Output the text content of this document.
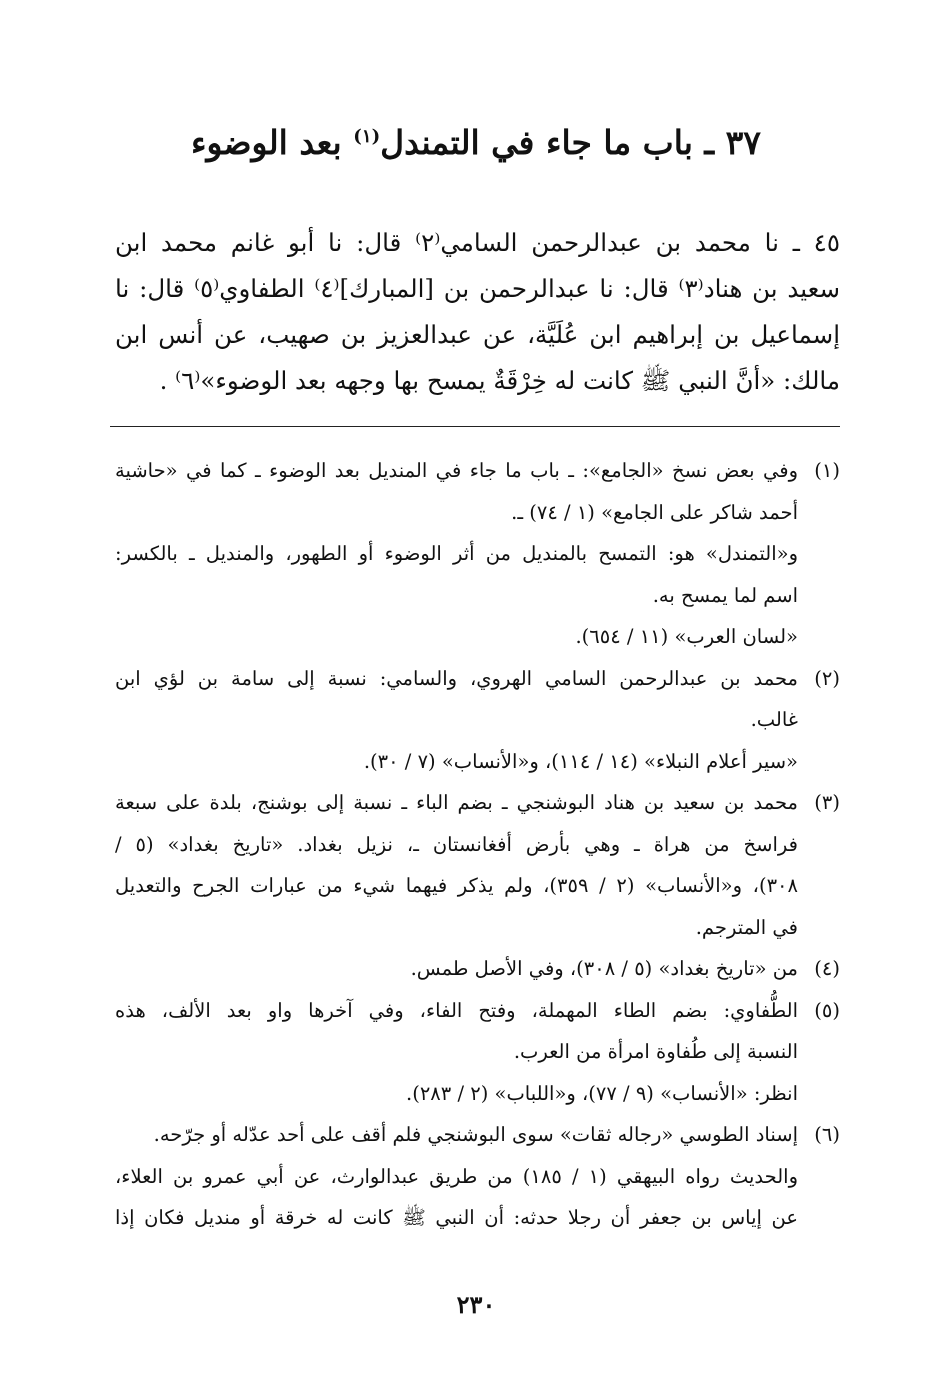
٣٧ ـ باب ما جاء في التمندل$^{(١)}$ بعد الوضوء
٤٥ ـ نا محمد بن عبدالرحمن السامي⁽٢⁾ قال: نا أبو غانم محمد ابن
سعيد بن هناد⁽٣⁾ قال: نا عبدالرحمن بن [المبارك]⁽٤⁾ الطفاوي⁽٥⁾ قال: نا
إسماعيل بن إبراهيم ابن عُلَيَّة، عن عبدالعزيز بن صهيب، عن أنس ابن
مالك: «أنَّ النبي ﷺ كانت له خِرْقَةٌ يمسح بها وجهه بعد الوضوء»⁽٦⁾ .
(١)وفي بعض نسخ «الجامع»: ـ باب ما جاء في المنديل بعد الوضوء ـ كما في «حاشية
أحمد شاكر على الجامع» (١ / ٧٤) ـ.
و«التمندل» هو: التمسح بالمنديل من أثر الوضوء أو الطهور، والمنديل ـ بالكسر:
اسم لما يمسح به.
«لسان العرب» (١١ / ٦٥٤).
(٢)محمد بن عبدالرحمن السامي الهروي، والسامي: نسبة إلى سامة بن لؤي ابن
غالب.
«سير أعلام النبلاء» (١٤ / ١١٤)، و«الأنساب» (٧ / ٣٠).
(٣)محمد بن سعيد بن هناد البوشنجي ـ بضم الباء ـ نسبة إلى بوشنج، بلدة على سبعة
فراسخ من هراة ـ وهي بأرض أفغانستان ـ، نزيل بغداد. «تاريخ بغداد» (٥ /
٣٠٨)، و«الأنساب» (٢ / ٣٥٩)، ولم يذكر فيهما شيء من عبارات الجرح والتعديل
في المترجم.
(٤)من «تاريخ بغداد» (٥ / ٣٠٨)، وفي الأصل طمس.
(٥)الطُّفاوي: بضم الطاء المهملة، وفتح الفاء، وفي آخرها واو بعد الألف، هذه
النسبة إلى طُفاوة امرأة من العرب.
انظر: «الأنساب» (٩ / ٧٧)، و«اللباب» (٢ / ٢٨٣).
(٦)إسناد الطوسي «رجاله ثقات» سوى البوشنجي فلم أقف على أحد عدّله أو جرّحه.
والحديث رواه البيهقي (١ / ١٨٥) من طريق عبدالوارث، عن أبي عمرو بن العلاء،
عن إياس بن جعفر أن رجلا حدثه: أن النبي ﷺ كانت له خرقة أو منديل فكان إذا
٢٣٠
